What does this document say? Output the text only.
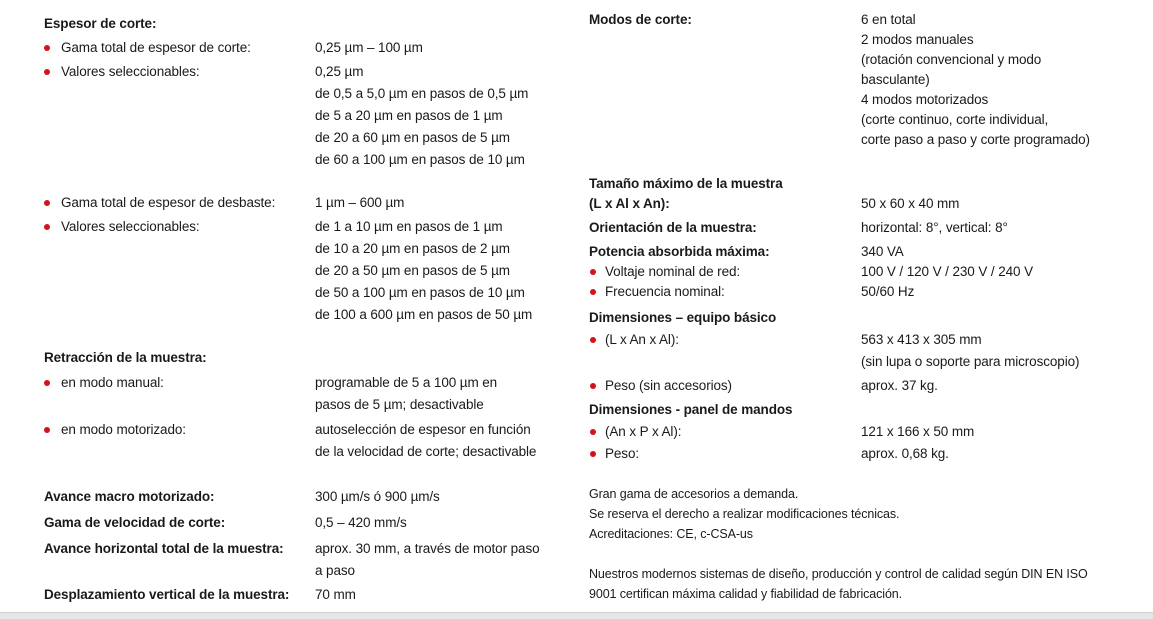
Espesor de corte:
Gama total de espesor de corte:	0,25 µm – 100 µm
Valores seleccionables:	0,25 µm
de 0,5 a 5,0 µm en pasos de 0,5 µm
de 5 a 20 µm en pasos de 1 µm
de 20 a 60 µm en pasos de 5 µm
de 60 a 100 µm en pasos de 10 µm
Gama total de espesor de desbaste:	1 µm – 600 µm
Valores seleccionables:	de 1 a 10 µm en pasos de 1 µm
de 10 a 20 µm en pasos de 2 µm
de 20 a 50 µm en pasos de 5 µm
de 50 a 100 µm en pasos de 10 µm
de 100 a 600 µm en pasos de 50 µm
Retracción de la muestra:
en modo manual:	programable de 5 a 100 µm en
pasos de 5 µm; desactivable
en modo motorizado:	autoselección de espesor en función
de la velocidad de corte; desactivable
Avance macro motorizado:	300 µm/s ó 900 µm/s
Gama de velocidad de corte:	0,5 – 420 mm/s
Avance horizontal total de la muestra: aprox. 30 mm, a través de motor paso
a paso
Desplazamiento vertical de la muestra: 70 mm
Modos de corte:	6 en total
2 modos manuales
(rotación convencional y modo
basculante)
4 modos motorizados
(corte continuo, corte individual,
corte paso a paso y corte programado)
Tamaño máximo de la muestra
(L x Al x An):	50 x 60 x 40 mm
Orientación de la muestra:	horizontal: 8°, vertical: 8°
Potencia absorbida máxima:	340 VA
Voltaje nominal de red:	100 V / 120 V / 230 V / 240 V
Frecuencia nominal:	50/60 Hz
Dimensiones – equipo básico
(L x An x Al):	563 x 413 x 305 mm
(sin lupa o soporte para microscopio)
Peso (sin accesorios)	aprox. 37 kg.
Dimensiones - panel de mandos
(An x P x Al):	121 x 166 x 50 mm
Peso:	aprox. 0,68 kg.
Gran gama de accesorios a demanda.
Se reserva el derecho a realizar modificaciones técnicas.
Acreditaciones: CE, c-CSA-us
Nuestros modernos sistemas de diseño, producción y control de calidad según DIN EN ISO
9001 certifican máxima calidad y fiabilidad de fabricación.
